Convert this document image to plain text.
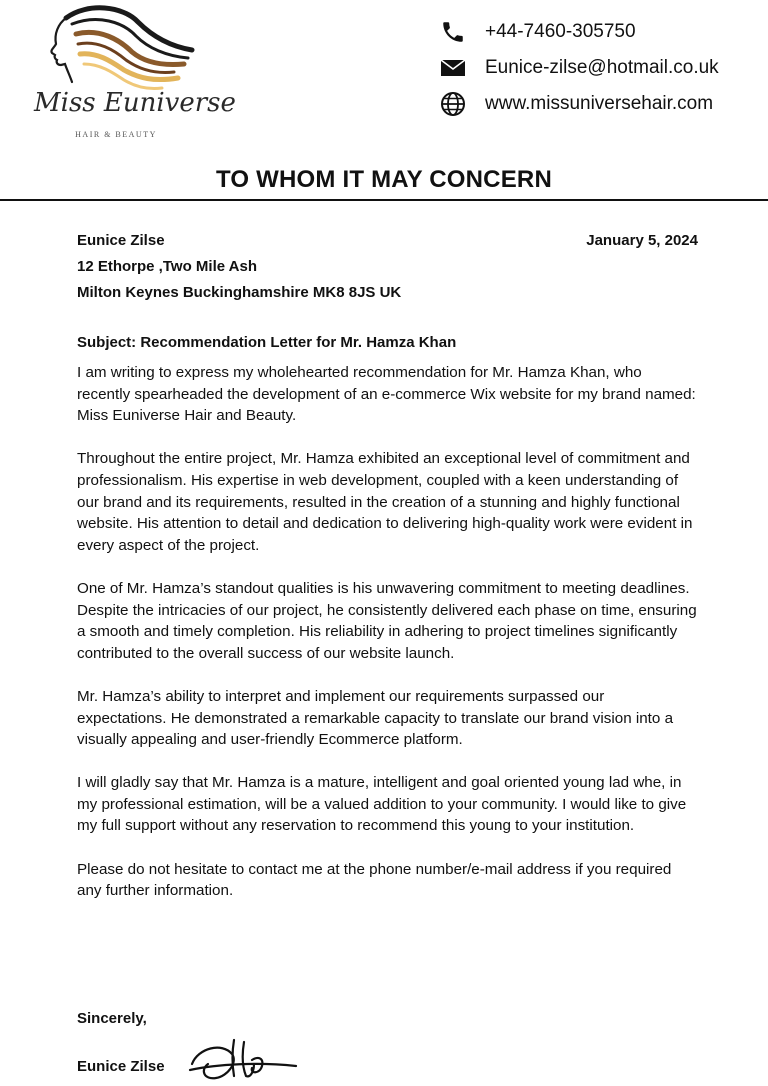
Miss Euniverse
HAIR & BEAUTY
+44-7460-305750
Eunice-zilse@hotmail.co.uk
www.missuniversehair.com
TO WHOM IT MAY CONCERN
Eunice Zilse
12 Ethorpe ,Two Mile Ash
Milton Keynes Buckinghamshire MK8 8JS UK
January 5, 2024
Subject: Recommendation Letter for Mr. Hamza Khan

I am writing to express my wholehearted recommendation for Mr. Hamza Khan, who recently spearheaded the development of an e-commerce Wix website for my brand named: Miss Euniverse Hair and Beauty.

Throughout the entire project, Mr. Hamza exhibited an exceptional level of commitment and professionalism. His expertise in web development, coupled with a keen understanding of our brand and its requirements, resulted in the creation of a stunning and highly functional website. His attention to detail and dedication to delivering high-quality work were evident in every aspect of the project.

One of Mr. Hamza’s standout qualities is his unwavering commitment to meeting deadlines. Despite the intricacies of our project, he consistently delivered each phase on time, ensuring a smooth and timely completion. His reliability in adhering to project timelines significantly contributed to the overall success of our website launch.

Mr. Hamza’s ability to interpret and implement our requirements surpassed our expectations. He demonstrated a remarkable capacity to translate our brand vision into a visually appealing and user-friendly Ecommerce platform.

I will gladly say that Mr. Hamza is a mature, intelligent and goal oriented young lad whe, in my professional estimation, will be a valued addition to your community. I would like to give my full support without any reservation to recommend this young to your institution.

Please do not hesitate to contact me at the phone number/e-mail address if you required any further information.

Sincerely,
Eunice Zilse
